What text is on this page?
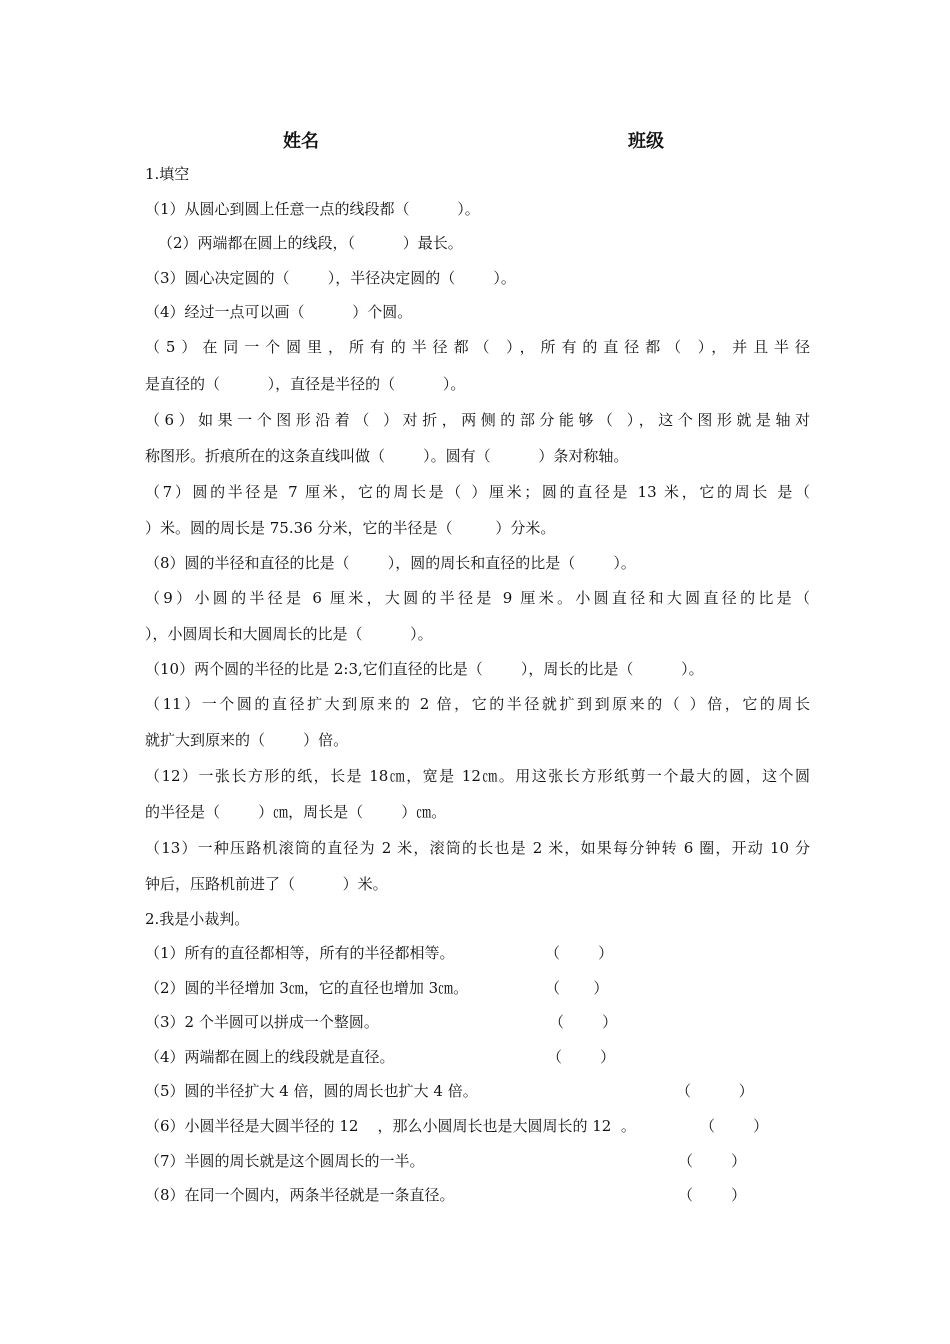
姓名	班级
1.填空
（1）从圆心到圆上任意一点的线段都（          ）。
（2）两端都在圆上的线段，（          ）最长。
（3）圆心决定圆的（        ），半径决定圆的（        ）。
（4）经过一点可以画（          ）个圆。
（5）在同一个圆里，所有的半径都（ ），所有的直径都（ ），并且半径
是直径的（          ），直径是半径的（          ）。
（6）如果一个图形沿着（ ）对折，两侧的部分能够（ ），这个图形就是轴对
称图形。折痕所在的这条直线叫做（        ）。圆有（          ）条对称轴。
（7）圆的半径是 7 厘米，它的周长是（ ）厘米；圆的直径是 13 米，它的周长 是（
）米。圆的周长是 75.36 分米，它的半径是（         ）分米。
（8）圆的半径和直径的比是（        ），圆的周长和直径的比是（        ）。
（9）小圆的半径是 6 厘米，大圆的半径是 9 厘米。小圆直径和大圆直径的比是（
），小圆周长和大圆周长的比是（          ）。
（10）两个圆的半径的比是 2:3,它们直径的比是（        ），周长的比是（          ）。
（11）一个圆的直径扩大到原来的 2 倍，它的半径就扩到到原来的（ ）倍，它的周长
就扩大到原来的（        ）倍。
（12）一张长方形的纸，长是 18㎝，宽是 12㎝。用这张长方形纸剪一个最大的圆，这个圆
的半径是（        ）㎝，周长是（        ）㎝。
（13）一种压路机滚筒的直径为 2 米，滚筒的长也是 2 米，如果每分钟转 6 圈，开动 10 分
钟后，压路机前进了（          ）米。
2.我是小裁判。
（1）所有的直径都相等，所有的半径都相等。	（        ）
（2）圆的半径增加 3㎝，它的直径也增加 3㎝。	（       ）
（3）2 个半圆可以拼成一个整圆。	（        ）
（4）两端都在圆上的线段就是直径。	（        ）
（5）圆的半径扩大 4 倍，圆的周长也扩大 4 倍。	（          ）
（6）小圆半径是大圆半径的 12    ，那么小圆周长也是大圆周长的 12  。	（        ）
（7）半圆的周长就是这个圆周长的一半。	（        ）
（8）在同一个圆内，两条半径就是一条直径。	（        ）
